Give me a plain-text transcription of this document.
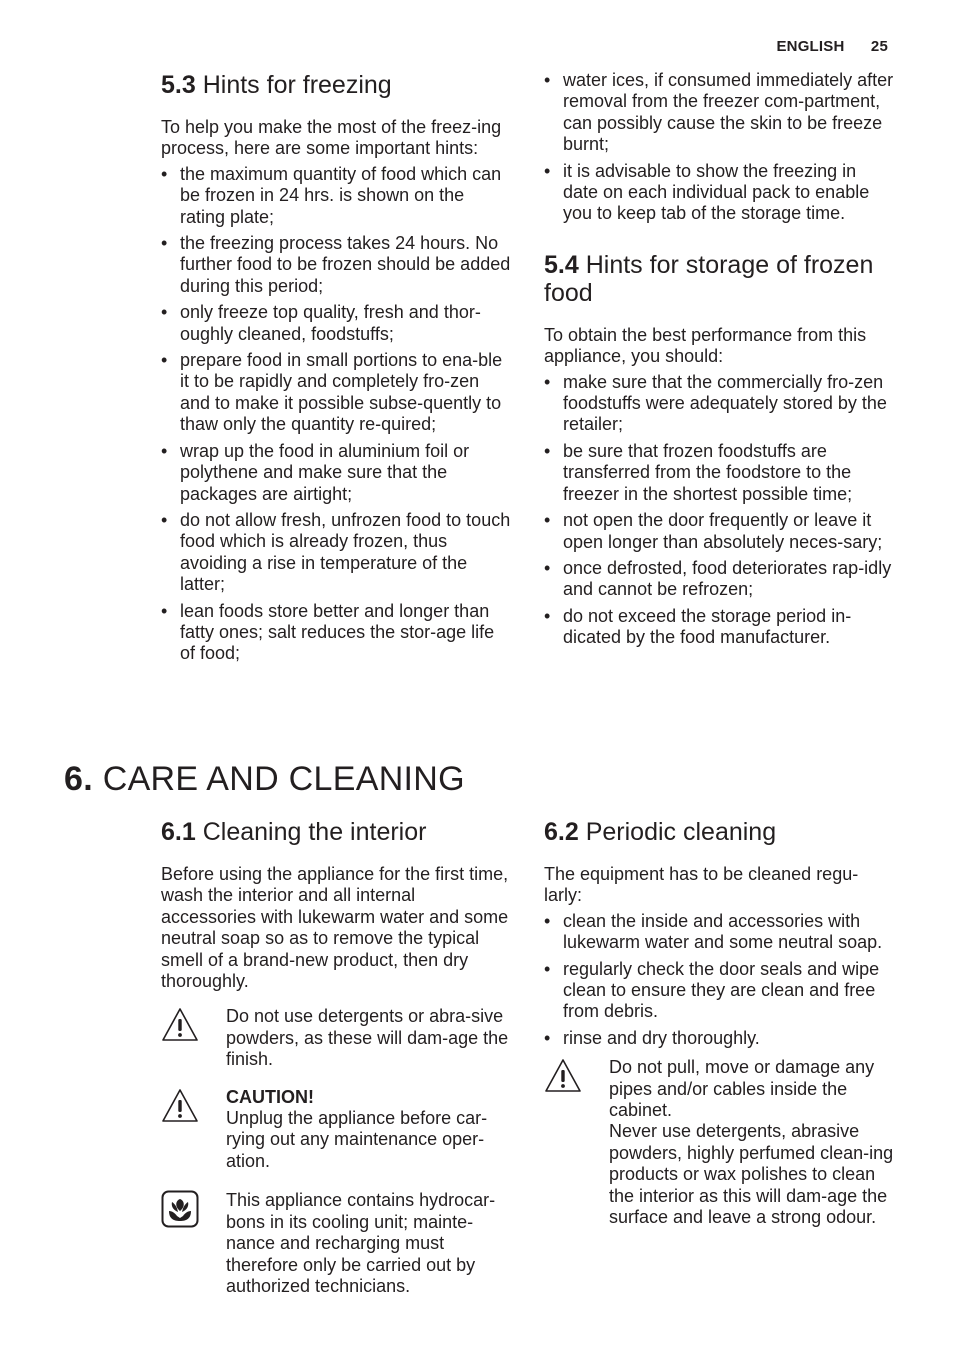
ENGLISH 25
5.3 Hints for freezing

To help you make the most of the freez-ing process, here are some important hints:

• the maximum quantity of food which can be frozen in 24 hrs. is shown on the rating plate;
• the freezing process takes 24 hours. No further food to be frozen should be added during this period;
• only freeze top quality, fresh and thor-oughly cleaned, foodstuffs;
• prepare food in small portions to ena-ble it to be rapidly and completely fro-zen and to make it possible subse-quently to thaw only the quantity re-quired;
• wrap up the food in aluminium foil or polythene and make sure that the packages are airtight;
• do not allow fresh, unfrozen food to touch food which is already frozen, thus avoiding a rise in temperature of the latter;
• lean foods store better and longer than fatty ones; salt reduces the stor-age life of food;
• water ices, if consumed immediately after removal from the freezer com-partment, can possibly cause the skin to be freeze burnt;
• it is advisable to show the freezing in date on each individual pack to enable you to keep tab of the storage time.
5.4 Hints for storage of frozen food

To obtain the best performance from this appliance, you should:

• make sure that the commercially fro-zen foodstuffs were adequately stored by the retailer;
• be sure that frozen foodstuffs are transferred from the foodstore to the freezer in the shortest possible time;
• not open the door frequently or leave it open longer than absolutely neces-sary;
• once defrosted, food deteriorates rap-idly and cannot be refrozen;
• do not exceed the storage period in-dicated by the food manufacturer.
6. CARE AND CLEANING
6.1 Cleaning the interior

Before using the appliance for the first time, wash the interior and all internal accessories with lukewarm water and some neutral soap so as to remove the typical smell of a brand-new product, then dry thoroughly.

Do not use detergents or abra-sive powders, as these will dam-age the finish.

CAUTION!

Unplug the appliance before car-rying out any maintenance oper-ation.

This appliance contains hydrocar-bons in its cooling unit; mainte-nance and recharging must therefore only be carried out by authorized technicians.

6.2 Periodic cleaning

The equipment has to be cleaned regu-larly:

• clean the inside and accessories with lukewarm water and some neutral soap.
• regularly check the door seals and wipe clean to ensure they are clean and free from debris.
• rinse and dry thoroughly.

Do not pull, move or damage any pipes and/or cables inside the cabinet.

Never use detergents, abrasive powders, highly perfumed clean-ing products or wax polishes to clean the interior as this will dam-age the surface and leave a strong odour.
